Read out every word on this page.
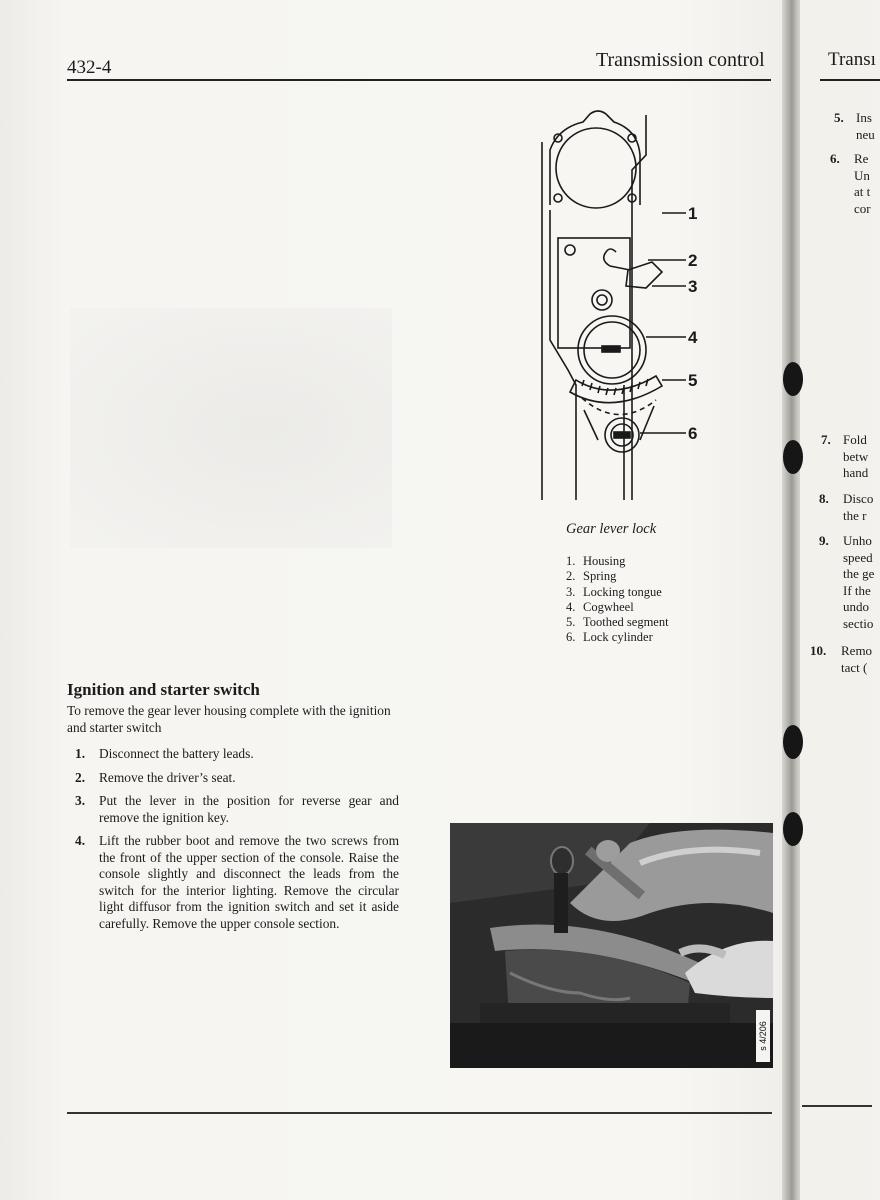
432-4	Transmission control
1
2
3
4
5
6
Gear lever lock
1. Housing
2. Spring
3. Locking tongue
4. Cogwheel
5. Toothed segment
6. Lock cylinder
Ignition and starter switch
To remove the gear lever housing complete with the ignition and starter switch
1. Disconnect the battery leads.
2. Remove the driver’s seat.
3. Put the lever in the position for reverse gear and remove the ignition key.
4. Lift the rubber boot and remove the two screws from the front of the upper section of the console. Raise the console slightly and disconnect the leads from the switch for the interior lighting. Remove the circular light diffusor from the ignition switch and set it aside carefully. Remove the upper console section.
s 4/206
Transı
5. Ins
neu
6. Re
Un
at t
cor
7. Fold
betw
hand
8. Disco
the r
9. Unho
speed
the ge
If the
undo
sectio
10. Remo
tact (
